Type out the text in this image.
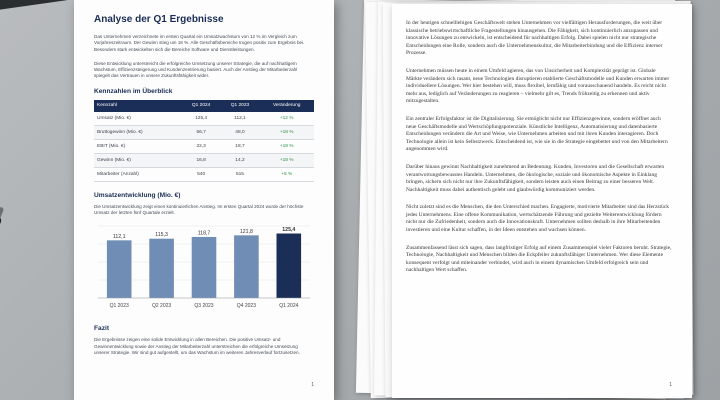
Analyse der Q1 Ergebnisse

Das Unternehmen verzeichnete im ersten Quartal ein Umsatzwachstum von 12 % im Vergleich zum Vorjahreszeitraum. Der Gewinn stieg um 18 %. Alle Geschäftsbereiche trugen positiv zum Ergebnis bei. Besonders stark entwickelten sich die Bereiche Software und Dienstleistungen.

Diese Entwicklung unterstreicht die erfolgreiche Umsetzung unserer Strategie, die auf nachhaltigem Wachstum, Effizienzsteigerung und Kundenzentrierung basiert. Auch der Anstieg der Mitarbeiterzahl spiegelt das Vertrauen in unsere Zukunftsfähigkeit wider.

Kennzahlen im Überblick
Kennzahl	Q1 2024	Q1 2023	Veränderung
Umsatz (Mio. €)	125,4	112,1	+12 %
Bruttogewinn (Mio. €)	56,7	48,0	+18 %
EBIT (Mio. €)	22,3	18,7	+19 %
Gewinn (Mio. €)	16,8	14,2	+18 %
Mitarbeiter (Anzahl)	540	515	+5 %
Umsatzentwicklung (Mio. €)

Die Umsatzentwicklung zeigt einen kontinuierlichen Anstieg. Im ersten Quartal 2024 wurde der höchste Umsatz der letzten fünf Quartale erzielt.

112,1
Q1 2023
115,3
Q2 2023
118,7
Q3 2023
121,8
Q4 2023
125,4
Q1 2024
Fazit

Die Ergebnisse zeigen eine solide Entwicklung in allen Bereichen. Die positive Umsatz- und Gewinnentwicklung sowie der Anstieg der Mitarbeiterzahl unterstreichen die erfolgreiche Umsetzung unserer Strategie. Wir sind gut aufgestellt, um das Wachstum im weiteren Jahresverlauf fortzusetzen.

1

In der heutigen schnelllebigen Geschäftswelt stehen Unternehmen vor vielfältigen Herausforderungen, die weit über klassische betriebswirtschaftliche Fragestellungen hinausgehen. Die Fähigkeit, sich kontinuierlich anzupassen und innovative Lösungen zu entwickeln, ist entscheidend für nachhaltigen Erfolg. Dabei spielen nicht nur strategische Entscheidungen eine Rolle, sondern auch die Unternehmenskultur, die Mitarbeiterbindung und die Effizienz interner Prozesse.

Unternehmen müssen heute in einem Umfeld agieren, das von Unsicherheit und Komplexität geprägt ist. Globale Märkte verändern sich rasant, neue Technologien disruptieren etablierte Geschäftsmodelle und Kunden erwarten immer individuellere Lösungen. Wer hier bestehen will, muss flexibel, lernfähig und vorausschauend handeln. Es reicht nicht mehr aus, lediglich auf Veränderungen zu reagieren – vielmehr gilt es, Trends frühzeitig zu erkennen und aktiv mitzugestalten.

Ein zentraler Erfolgsfaktor ist die Digitalisierung. Sie ermöglicht nicht nur Effizienzgewinne, sondern eröffnet auch neue Geschäftsmodelle und Wertschöpfungspotenziale. Künstliche Intelligenz, Automatisierung und datenbasierte Entscheidungen verändern die Art und Weise, wie Unternehmen arbeiten und mit ihren Kunden interagieren. Doch Technologie allein ist kein Selbstzweck. Entscheidend ist, wie sie in die Strategie eingebettet und von den Mitarbeitern angenommen wird.

Darüber hinaus gewinnt Nachhaltigkeit zunehmend an Bedeutung. Kunden, Investoren und die Gesellschaft erwarten verantwortungsbewusstes Handeln. Unternehmen, die ökologische, soziale und ökonomische Aspekte in Einklang bringen, sichern sich nicht nur ihre Zukunftsfähigkeit, sondern leisten auch einen Beitrag zu einer besseren Welt. Nachhaltigkeit muss dabei authentisch gelebt und glaubwürdig kommuniziert werden.

Nicht zuletzt sind es die Menschen, die den Unterschied machen. Engagierte, motivierte Mitarbeiter sind das Herzstück jedes Unternehmens. Eine offene Kommunikation, wertschätzende Führung und gezielte Weiterentwicklung fördern nicht nur die Zufriedenheit, sondern auch die Innovationskraft. Unternehmen sollten deshalb in ihre Mitarbeitenden investieren und eine Kultur schaffen, in der Ideen entstehen und wachsen können.

Zusammenfassend lässt sich sagen, dass langfristiger Erfolg auf einem Zusammenspiel vieler Faktoren beruht. Strategie, Technologie, Nachhaltigkeit und Menschen bilden die Eckpfeiler zukunftsfähiger Unternehmen. Wer diese Elemente konsequent verfolgt und miteinander verbindet, wird auch in einem dynamischen Umfeld erfolgreich sein und nachhaltigen Wert schaffen.

1
